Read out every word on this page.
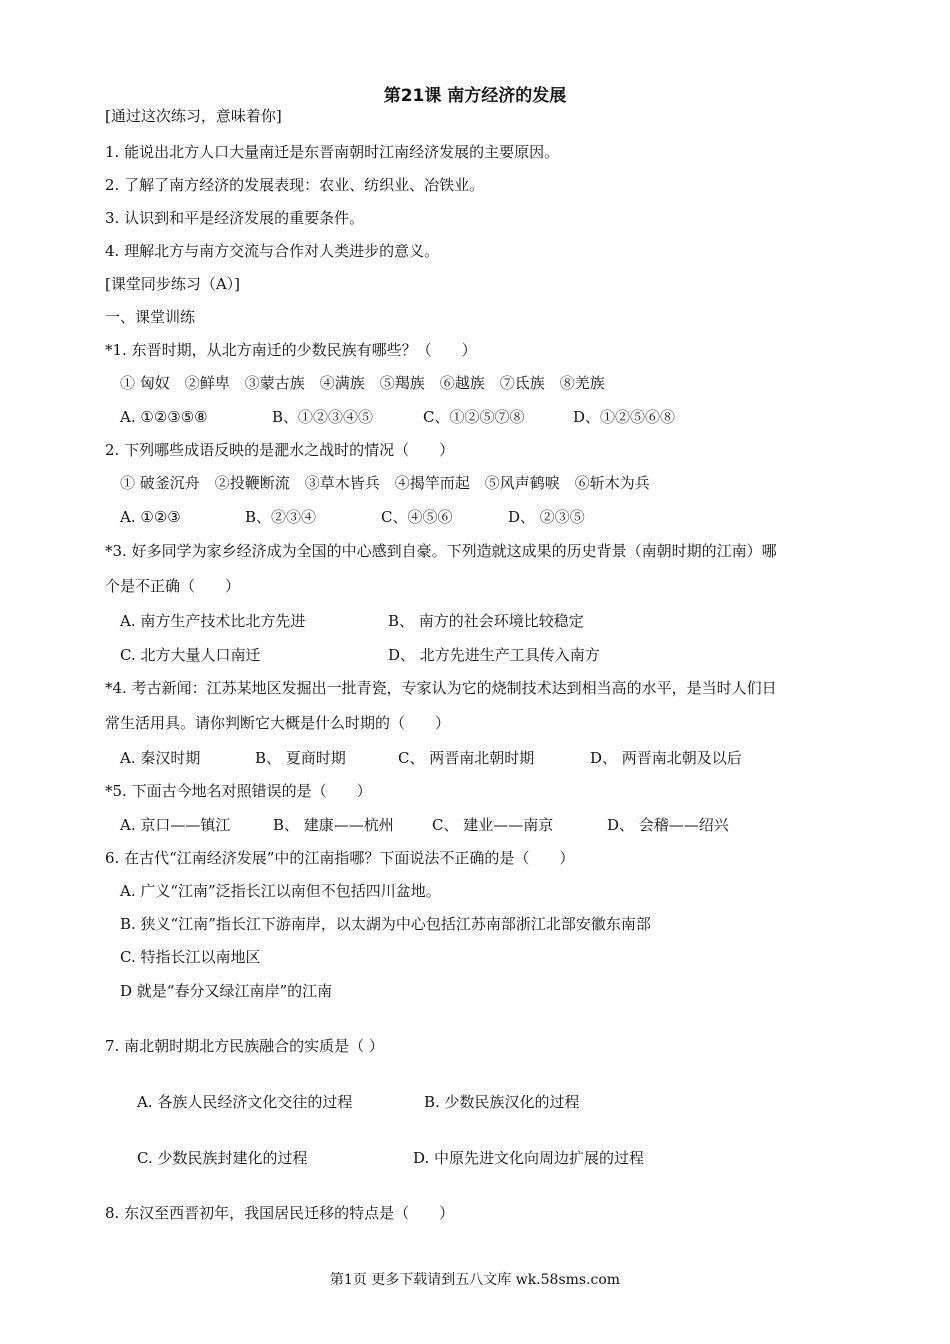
第21课 南方经济的发展
[通过这次练习，意味着你]
1. 能说出北方人口大量南迁是东晋南朝时江南经济发展的主要原因。
2. 了解了南方经济的发展表现：农业、纺织业、冶铁业。
3. 认识到和平是经济发展的重要条件。
4. 理解北方与南方交流与合作对人类进步的意义。
[课堂同步练习（A）]
一、课堂训练
*1. 东晋时期，从北方南迁的少数民族有哪些？（　　）
① 匈奴　②鲜卑　③蒙古族　④满族　⑤羯族　⑥越族　⑦氐族　⑧羌族
A. ①②③⑤⑧	B、①②③④⑤	C、①②⑤⑦⑧	D、①②⑤⑥⑧
2. 下列哪些成语反映的是淝水之战时的情况（　　）
① 破釜沉舟　②投鞭断流　③草木皆兵　④揭竿而起　⑤风声鹤唳　⑥斩木为兵
A. ①②③	B、②③④	C、④⑤⑥	D、 ②③⑤
*3. 好多同学为家乡经济成为全国的中心感到自豪。下列造就这成果的历史背景（南朝时期的江南）哪
个是不正确（　　）
A. 南方生产技术比北方先进	B、 南方的社会环境比较稳定
C. 北方大量人口南迁	D、 北方先进生产工具传入南方
*4. 考古新闻：江苏某地区发掘出一批青瓷，专家认为它的烧制技术达到相当高的水平，是当时人们日
常生活用具。请你判断它大概是什么时期的（　　）
A. 秦汉时期	B、 夏商时期	C、 两晋南北朝时期	D、 两晋南北朝及以后
*5. 下面古今地名对照错误的是（　　）
A. 京口——镇江	B、 建康——杭州	C、 建业——南京	D、 会稽——绍兴
6. 在古代“江南经济发展”中的江南指哪？下面说法不正确的是（　　）
A. 广义“江南”泛指长江以南但不包括四川盆地。
B. 狭义“江南”指长江下游南岸，以太湖为中心包括江苏南部浙江北部安徽东南部
C. 特指长江以南地区
D 就是“春分又绿江南岸”的江南
7. 南北朝时期北方民族融合的实质是（ ）
A. 各族人民经济文化交往的过程	B. 少数民族汉化的过程
C. 少数民族封建化的过程	D. 中原先进文化向周边扩展的过程
8. 东汉至西晋初年，我国居民迁移的特点是（　　）
第1页 更多下载请到五八文库 wk.58sms.com
